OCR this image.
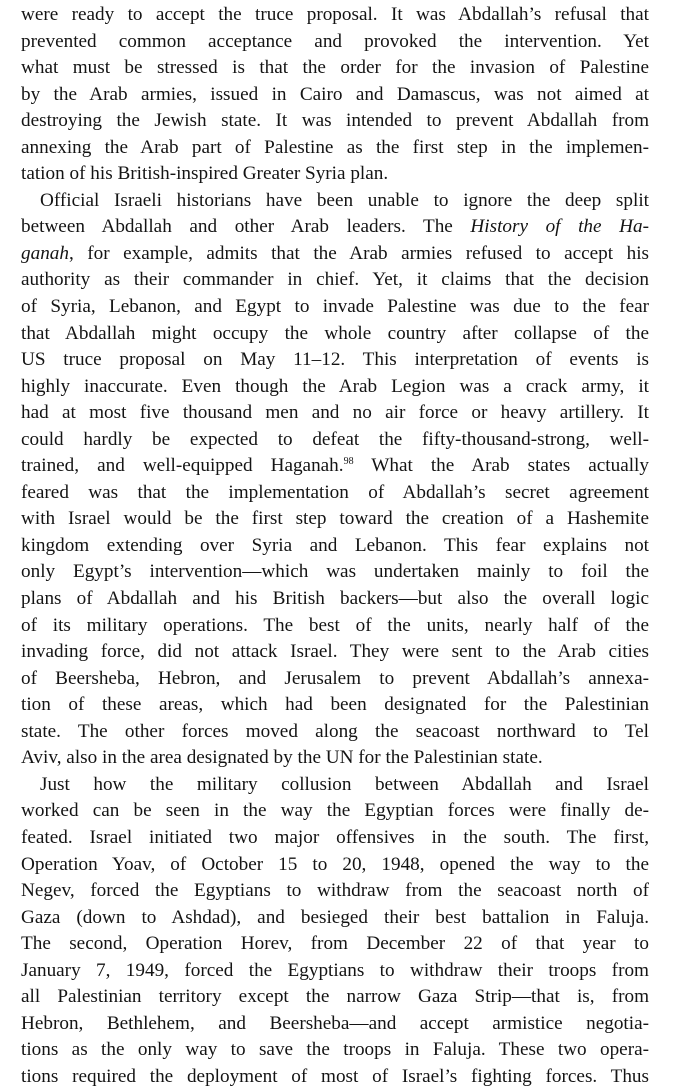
were ready to accept the truce proposal. It was Abdallah’s refusal that
prevented common acceptance and provoked the intervention. Yet
what must be stressed is that the order for the invasion of Palestine
by the Arab armies, issued in Cairo and Damascus, was not aimed at
destroying the Jewish state. It was intended to prevent Abdallah from
annexing the Arab part of Palestine as the first step in the implemen-
tation of his British-inspired Greater Syria plan.
Official Israeli historians have been unable to ignore the deep split
between Abdallah and other Arab leaders. The History of the Ha-
ganah, for example, admits that the Arab armies refused to accept his
authority as their commander in chief. Yet, it claims that the decision
of Syria, Lebanon, and Egypt to invade Palestine was due to the fear
that Abdallah might occupy the whole country after collapse of the
US truce proposal on May 11–12. This interpretation of events is
highly inaccurate. Even though the Arab Legion was a crack army, it
had at most five thousand men and no air force or heavy artillery. It
could hardly be expected to defeat the fifty-thousand-strong, well-
trained, and well-equipped Haganah.$^{98}$ What the Arab states actually
feared was that the implementation of Abdallah’s secret agreement
with Israel would be the first step toward the creation of a Hashemite
kingdom extending over Syria and Lebanon. This fear explains not
only Egypt’s intervention—which was undertaken mainly to foil the
plans of Abdallah and his British backers—but also the overall logic
of its military operations. The best of the units, nearly half of the
invading force, did not attack Israel. They were sent to the Arab cities
of Beersheba, Hebron, and Jerusalem to prevent Abdallah’s annexa-
tion of these areas, which had been designated for the Palestinian
state. The other forces moved along the seacoast northward to Tel
Aviv, also in the area designated by the UN for the Palestinian state.
Just how the military collusion between Abdallah and Israel
worked can be seen in the way the Egyptian forces were finally de-
feated. Israel initiated two major offensives in the south. The first,
Operation Yoav, of October 15 to 20, 1948, opened the way to the
Negev, forced the Egyptians to withdraw from the seacoast north of
Gaza (down to Ashdad), and besieged their best battalion in Faluja.
The second, Operation Horev, from December 22 of that year to
January 7, 1949, forced the Egyptians to withdraw their troops from
all Palestinian territory except the narrow Gaza Strip—that is, from
Hebron, Bethlehem, and Beersheba—and accept armistice negotia-
tions as the only way to save the troops in Faluja. These two opera-
tions required the deployment of most of Israel’s fighting forces. Thus
